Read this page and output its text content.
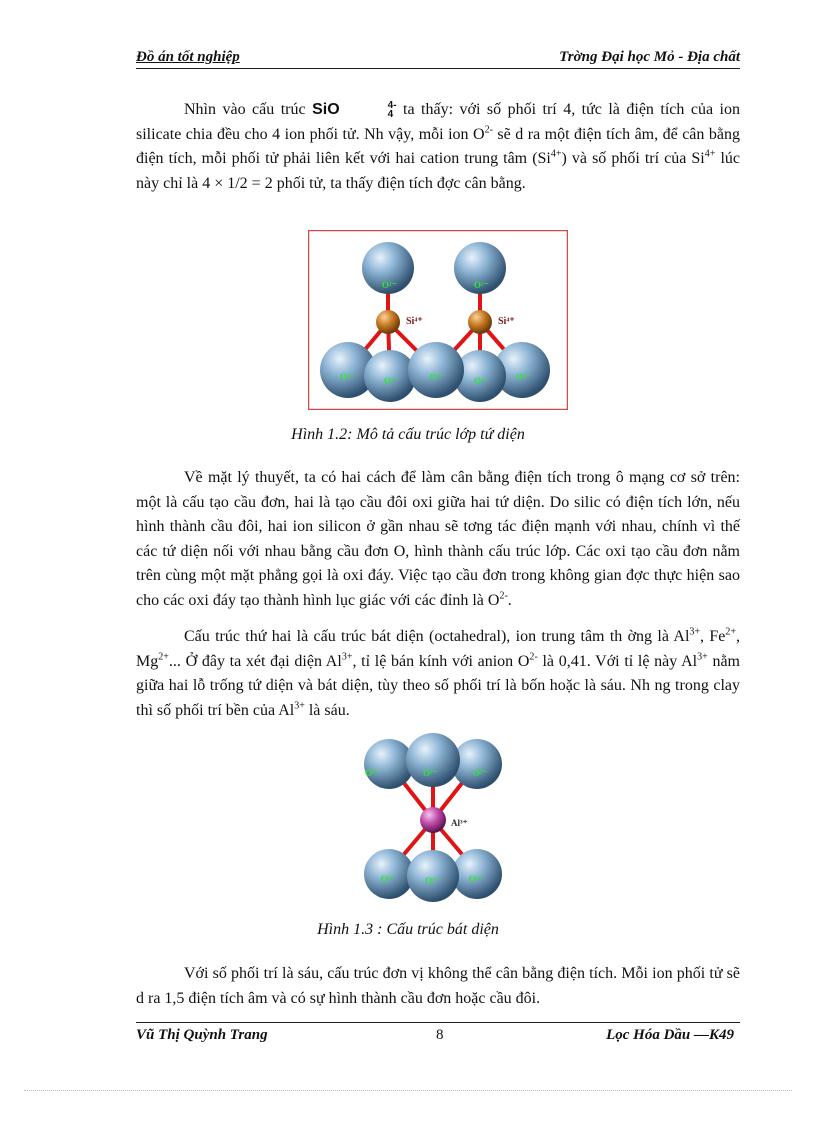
Đồ án tốt nghiệp	Trờng Đại học Mỏ - Địa chất

Nhìn vào cấu trúc SiO	4-
4 ta thấy: với số phối trí 4, tức là điện tích của ion silicate chia đều cho 4 ion phối tử. Nh vậy, mỗi ion $O^{2-}$ sẽ d ra một điện tích âm, để cân bằng điện tích, mỗi phối tử phải liên kết với hai cation trung tâm $(Si^{4+})$ và số phối trí của $Si^{4+}$ lúc này chỉ là 4 × 1/2 = 2 phối tử, ta thấy điện tích đợc cân bằng.

O²⁻	O²⁻
O²⁻	O²⁻	O²⁻	O²⁻	O²⁻
Si⁴⁺	Si⁴⁺
Hình 1.2: Mô tả cấu trúc lớp tứ diện

Về mặt lý thuyết, ta có hai cách để làm cân bằng điện tích trong ô mạng cơ sở trên: một là cấu tạo cầu đơn, hai là tạo cầu đôi oxi giữa hai tứ diện. Do silic có điện tích lớn, nếu hình thành cầu đôi, hai ion silicon ở gần nhau sẽ tơng tác điện mạnh với nhau, chính vì thế các tứ diện nối với nhau bằng cầu đơn O, hình thành cấu trúc lớp. Các oxi tạo cầu đơn nằm trên cùng một mặt phẳng gọi là oxi đáy. Việc tạo cầu đơn trong không gian đợc thực hiện sao cho các oxi đáy tạo thành hình lục giác với các đỉnh là $O^{2-}$.

Cấu trúc thứ hai là cấu trúc bát diện (octahedral), ion trung tâm th ờng là $Al^{3+}$, $Fe^{2+}$, $Mg^{2+}$... Ở đây ta xét đại diện $Al^{3+}$, tỉ lệ bán kính với anion $O^{2-}$ là 0,41. Với tỉ lệ này $Al^{3+}$ nằm giữa hai lỗ trống tứ diện và bát diện, tùy theo số phối trí là bốn hoặc là sáu. Nh ng trong clay thì số phối trí bền của $Al^{3+}$ là sáu.

O²⁻	O²⁻	O²⁻
O²⁻	O²⁻	O²⁻
Al³⁺
Hình 1.3 : Cấu trúc bát diện

Với số phối trí là sáu, cấu trúc đơn vị không thể cân bằng điện tích. Mỗi ion phối tử sẽ d ra 1,5 điện tích âm và có sự hình thành cầu đơn hoặc cầu đôi.

Vũ Thị Quỳnh Trang	8	Lọc Hóa Dầu —K49
